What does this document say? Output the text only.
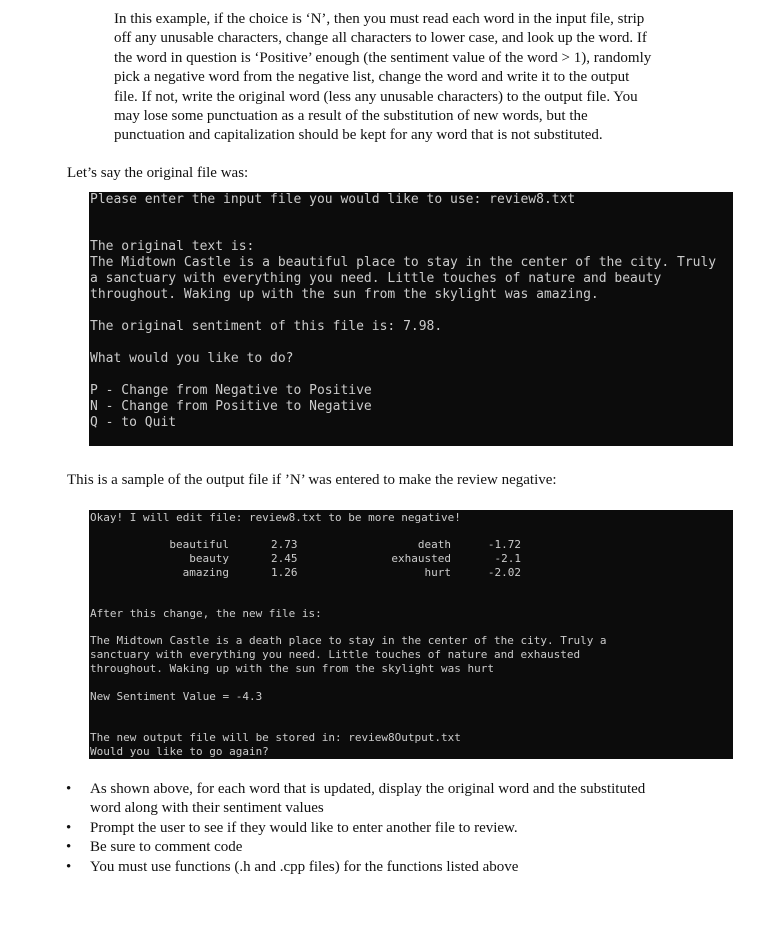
In this example, if the choice is ‘N’, then you must read each word in the input file, strip
off any unusable characters, change all characters to lower case, and look up the word. If
the word in question is ‘Positive’ enough (the sentiment value of the word > 1), randomly
pick a negative word from the negative list, change the word and write it to the output
file. If not, write the original word (less any unusable characters) to the output file. You
may lose some punctuation as a result of the substitution of new words, but the
punctuation and capitalization should be kept for any word that is not substituted.
Let’s say the original file was:

Please enter the input file you would like to use: review8.txt

The original text is:

The Midtown Castle is a beautiful place to stay in the center of the city. Truly

a sanctuary with everything you need. Little touches of nature and beauty

throughout. Waking up with the sun from the skylight was amazing.

The original sentiment of this file is: 7.98.

What would you like to do?

P - Change from Negative to Positive

N - Change from Positive to Negative

Q - to Quit

This is a sample of the output file if ’N’ was entered to make the review negative:

Okay! I will edit file: review8.txt to be more negative!

beautiful

beauty

amazing

2.73

2.45

1.26

death

exhausted

hurt

-1.72

-2.1

-2.02

After this change, the new file is:

The Midtown Castle is a death place to stay in the center of the city. Truly a

sanctuary with everything you need. Little touches of nature and exhausted

throughout. Waking up with the sun from the skylight was hurt

New Sentiment Value = -4.3

The new output file will be stored in: review8Output.txt

Would you like to go again?

• As shown above, for each word that is updated, display the original word and the substituted
word along with their sentiment values
• Prompt the user to see if they would like to enter another file to review.
• Be sure to comment code
• You must use functions (.h and .cpp files) for the functions listed above
